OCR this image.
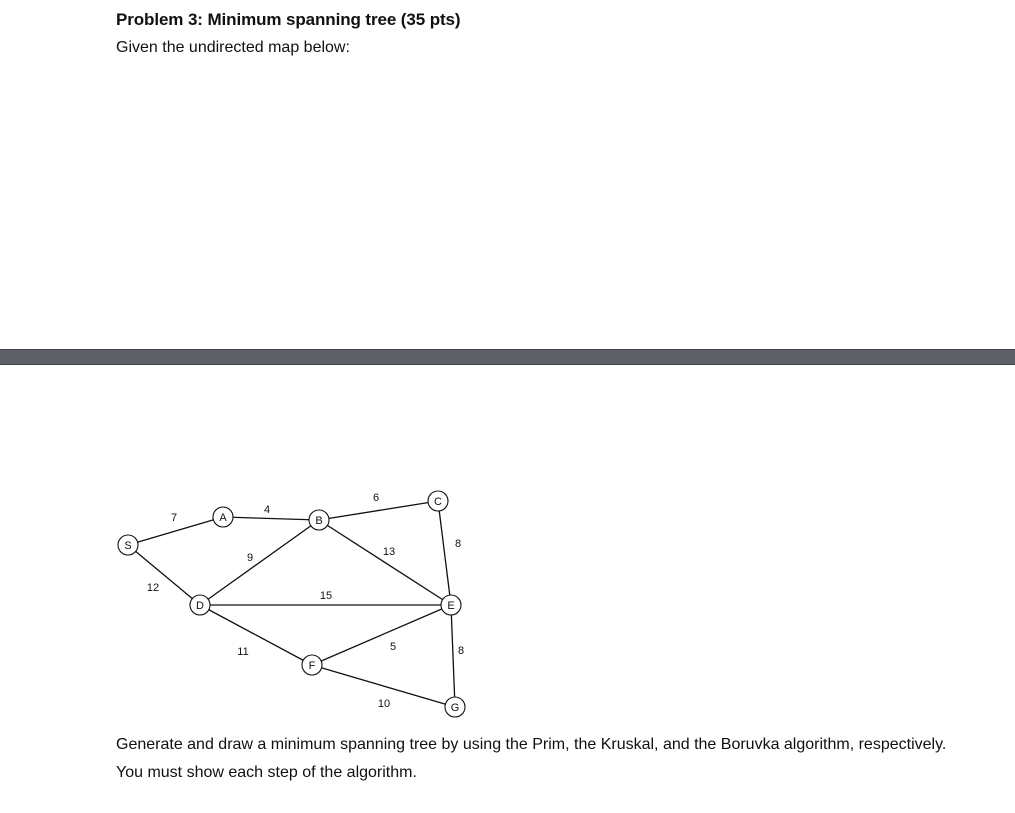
Problem 3: Minimum spanning tree (35 pts)
Given the undirected map below:
7
12
4
6
9	13
8
15
11	5	8
10
S
A	B
C
D	E
F
G
Generate and draw a minimum spanning tree by using the Prim, the Kruskal, and the Boruvka algorithm, respectively. You must show each step of the algorithm.
